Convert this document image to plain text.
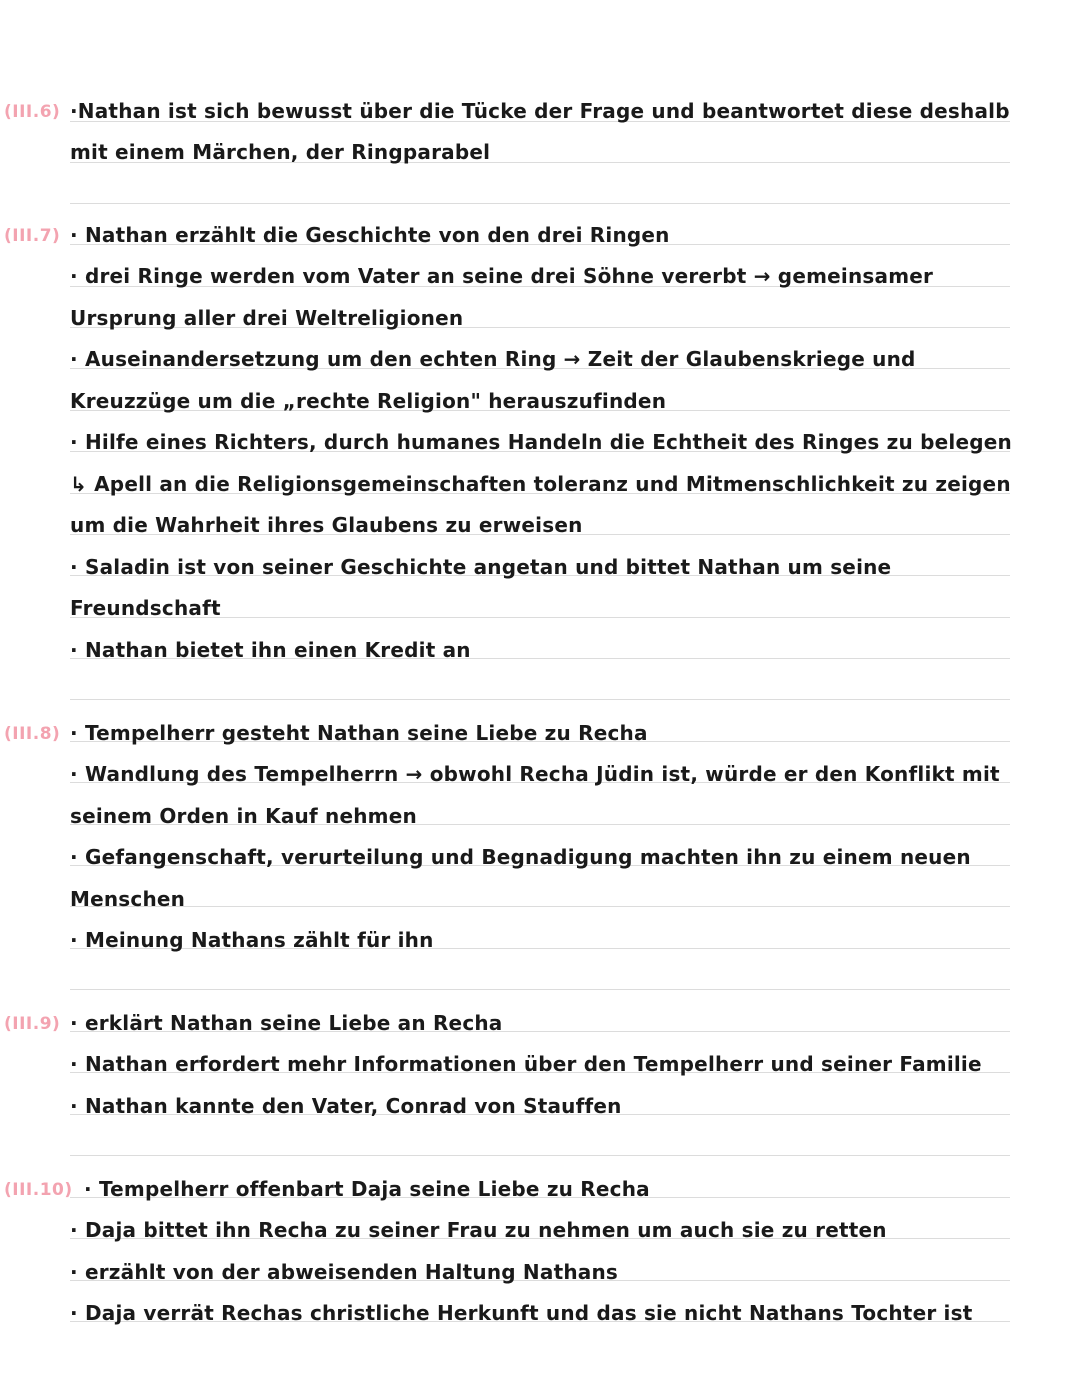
(III.6) ·Nathan ist sich bewusst über die Tücke der Frage und beantwortet diese deshalb
mit einem Märchen, der Ringparabel
(III.7) · Nathan erzählt die Geschichte von den drei Ringen
· drei Ringe werden vom Vater an seine drei Söhne vererbt → gemeinsamer
Ursprung aller drei Weltreligionen
· Auseinandersetzung um den echten Ring → Zeit der Glaubenskriege und
Kreuzzüge um die „rechte Religion" herauszufinden
· Hilfe eines Richters, durch humanes Handeln die Echtheit des Ringes zu belegen
↳ Apell an die Religionsgemeinschaften toleranz und Mitmenschlichkeit zu zeigen
um die Wahrheit ihres Glaubens zu erweisen
· Saladin ist von seiner Geschichte angetan und bittet Nathan um seine
Freundschaft
· Nathan bietet ihn einen Kredit an
(III.8) · Tempelherr gesteht Nathan seine Liebe zu Recha
· Wandlung des Tempelherrn → obwohl Recha Jüdin ist, würde er den Konflikt mit
seinem Orden in Kauf nehmen
· Gefangenschaft, verurteilung und Begnadigung machten ihn zu einem neuen
Menschen
· Meinung Nathans zählt für ihn
(III.9) · erklärt Nathan seine Liebe an Recha
· Nathan erfordert mehr Informationen über den Tempelherr und seiner Familie
· Nathan kannte den Vater, Conrad von Stauffen
(III.10) · Tempelherr offenbart Daja seine Liebe zu Recha
· Daja bittet ihn Recha zu seiner Frau zu nehmen um auch sie zu retten
· erzählt von der abweisenden Haltung Nathans
· Daja verrät Rechas christliche Herkunft und das sie nicht Nathans Tochter ist
